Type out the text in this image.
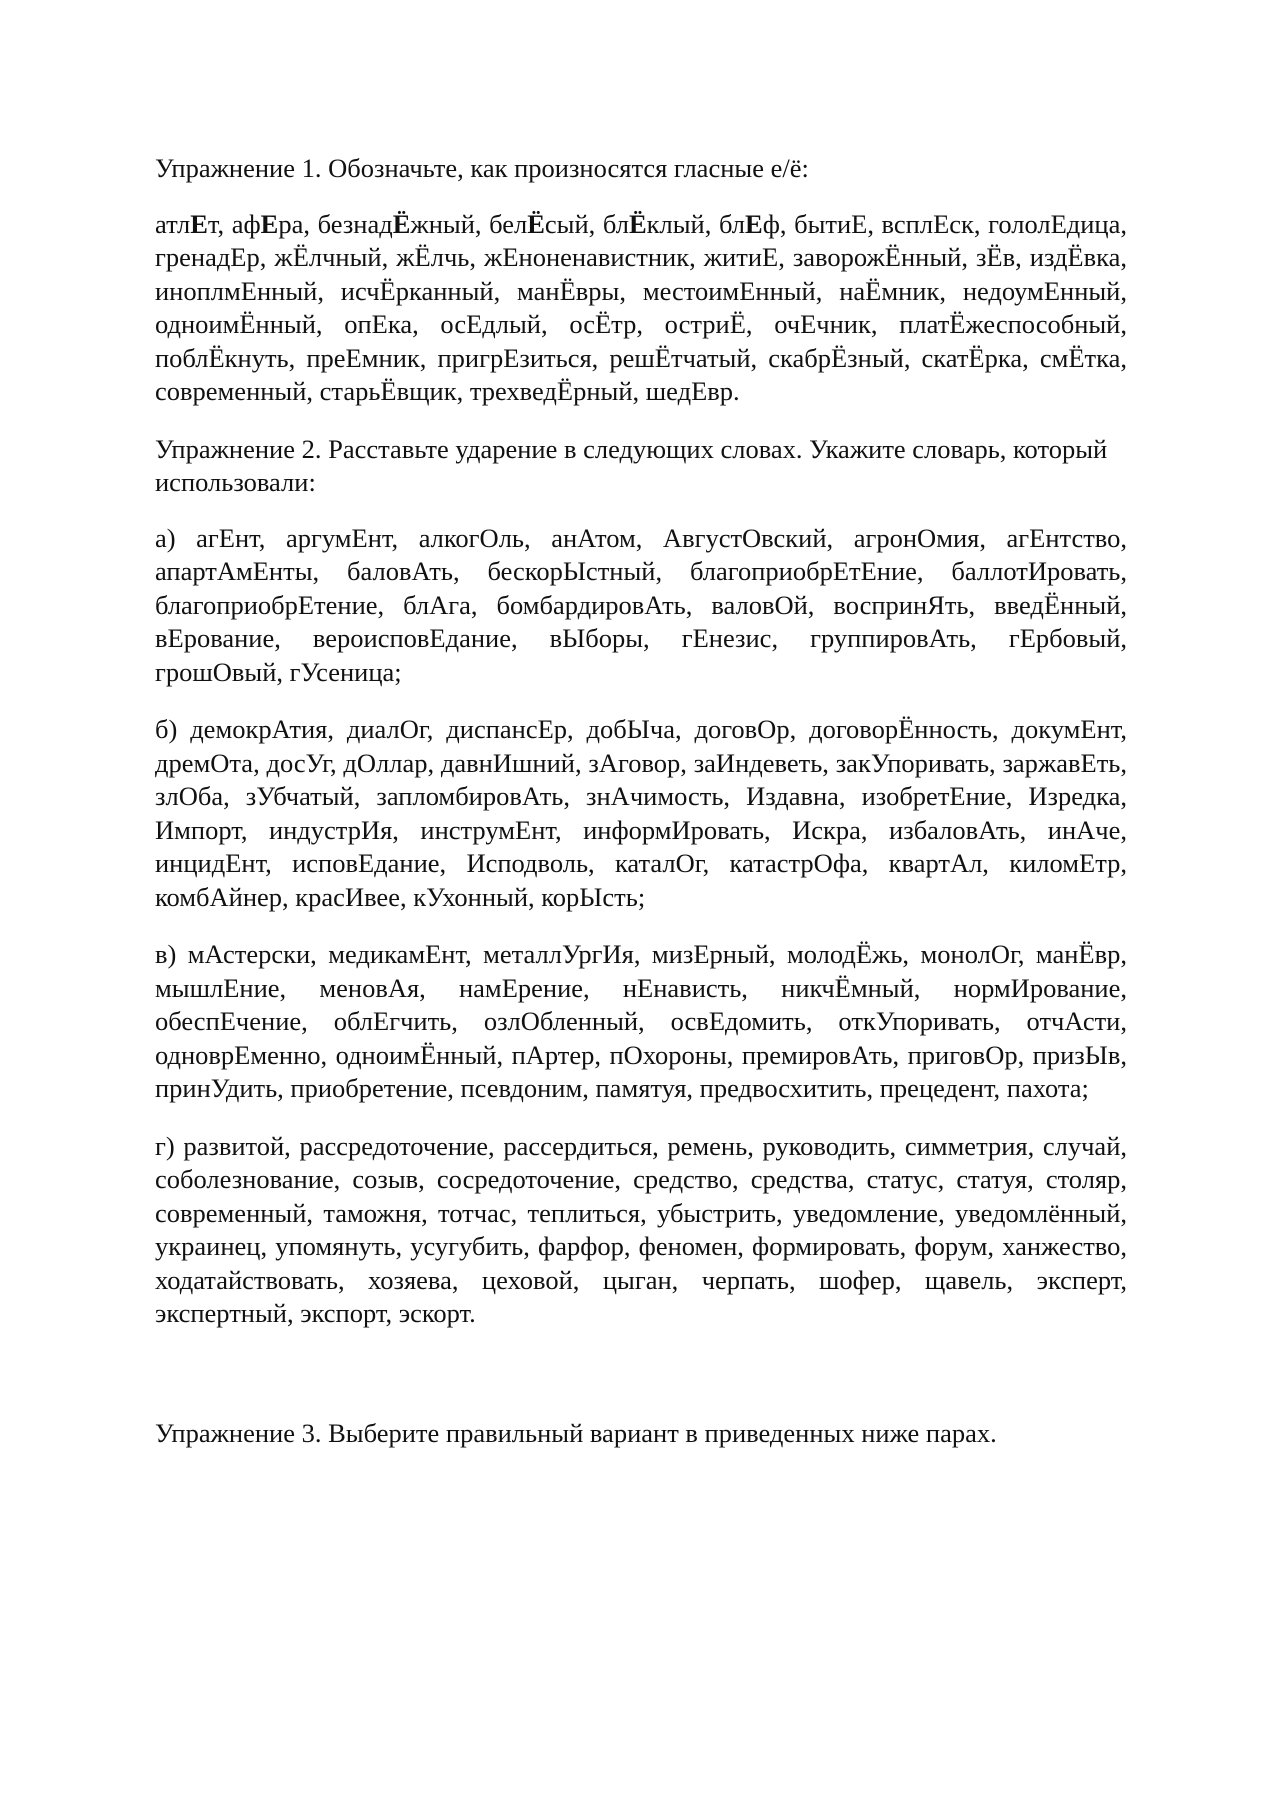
Упражнение 1. Обозначьте, как произносятся гласные е/ё:

атлЕт, афЕра, безнадЁжный, белЁсый, блЁклый, блЕф, бытиЕ, всплЕск, гололЕдица, гренадЕр, жЁлчный, жЁлчь, жЕноненавистник, житиЕ, заворожЁнный, зЁв, издЁвка, иноплмЕнный, исчЁрканный, манЁвры, местоимЕнный, наЁмник, недоумЕнный, одноимЁнный, опЕка, осЕдлый, осЁтр, остриЁ, очЕчник, платЁжеспособный, поблЁкнуть, преЕмник, пригрЕзиться, решЁтчатый, скабрЁзный, скатЁрка, смЁтка, современный, старьЁвщик, трехведЁрный, шедЕвр.

Упражнение 2. Расставьте ударение в следующих словах. Укажите словарь, который использовали:

а) агЕнт, аргумЕнт, алкогОль, анАтом, АвгустОвский, агронОмия, агЕнтство, апартАмЕнты, баловАть, бескорЫстный, благоприобрЕтЕние, баллотИровать, благоприобрЕтение, блАга, бомбардировАть, валовОй, воспринЯть, введЁнный, вЕрование, вероисповЕдание, вЫборы, гЕнезис, группировАть, гЕрбовый, грошОвый, гУсеница;

б) демокрАтия, диалОг, диспансЕр, добЫча, договОр, договорЁнность, докумЕнт, дремОта, досУг, дОллар, давнИшний, зАговор, заИндеветь, закУпоривать, заржавЕть, злОба, зУбчатый, запломбировАть, знАчимость, Издавна, изобретЕние, Изредка, Импорт, индустрИя, инструмЕнт, информИровать, Искра, избаловАть, инАче, инцидЕнт, исповЕдание, Исподволь, каталОг, катастрОфа, квартАл, киломЕтр, комбАйнер, красИвее, кУхонный, корЫсть;

в) мАстерски, медикамЕнт, металлУргИя, мизЕрный, молодЁжь, монолОг, манЁвр, мышлЕние, меновАя, намЕрение, нЕнависть, никчЁмный, нормИрование, обеспЕчение, облЕгчить, озлОбленный, освЕдомить, откУпоривать, отчАсти, одноврЕменно, одноимЁнный, пАртер, пОхороны, премировАть, приговОр, призЫв, принУдить, приобретение, псевдоним, памятуя, предвосхитить, прецедент, пахота;

г) развитой, рассредоточение, рассердиться, ремень, руководить, симметрия, случай, соболезнование, созыв, сосредоточение, средство, средства, статус, статуя, столяр, современный, таможня, тотчас, теплиться, убыстрить, уведомление, уведомлённый, украинец, упомянуть, усугубить, фарфор, феномен, формировать, форум, ханжество, ходатайствовать, хозяева, цеховой, цыган, черпать, шофер, щавель, эксперт, экспертный, экспорт, эскорт.

Упражнение 3. Выберите правильный вариант в приведенных ниже парах.
